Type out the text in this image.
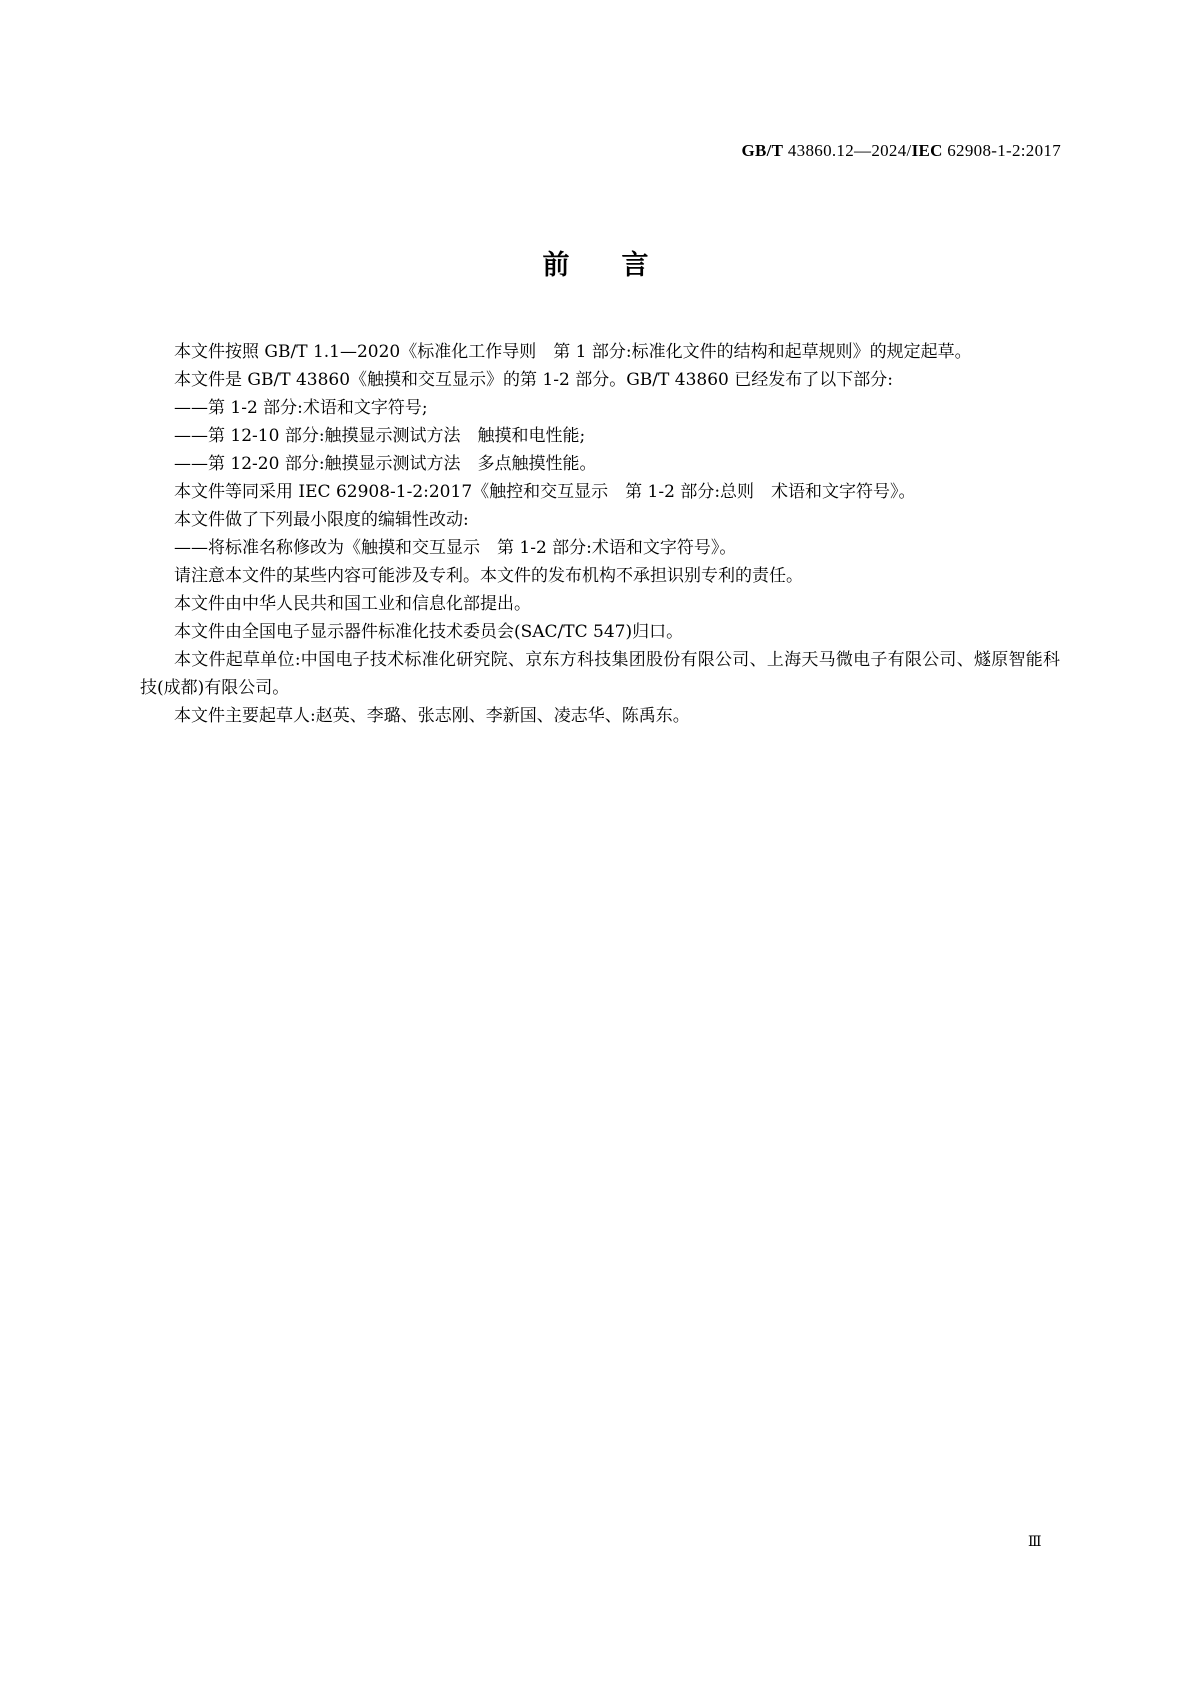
GB/T 43860.12—2024/IEC 62908-1-2:2017
前言

本文件按照 GB/T 1.1—2020《标准化工作导则　第 1 部分:标准化文件的结构和起草规则》的规定起草。

本文件是 GB/T 43860《触摸和交互显示》的第 1-2 部分。GB/T 43860 已经发布了以下部分:

——第 1-2 部分:术语和文字符号;

——第 12-10 部分:触摸显示测试方法　触摸和电性能;

——第 12-20 部分:触摸显示测试方法　多点触摸性能。

本文件等同采用 IEC 62908-1-2:2017《触控和交互显示　第 1-2 部分:总则　术语和文字符号》。

本文件做了下列最小限度的编辑性改动:

——将标准名称修改为《触摸和交互显示　第 1-2 部分:术语和文字符号》。

请注意本文件的某些内容可能涉及专利。本文件的发布机构不承担识别专利的责任。

本文件由中华人民共和国工业和信息化部提出。

本文件由全国电子显示器件标准化技术委员会(SAC/TC 547)归口。

本文件起草单位:中国电子技术标准化研究院、京东方科技集团股份有限公司、上海天马微电子有限公司、燧原智能科技(成都)有限公司。

本文件主要起草人:赵英、李璐、张志刚、李新国、凌志华、陈禹东。

Ⅲ
